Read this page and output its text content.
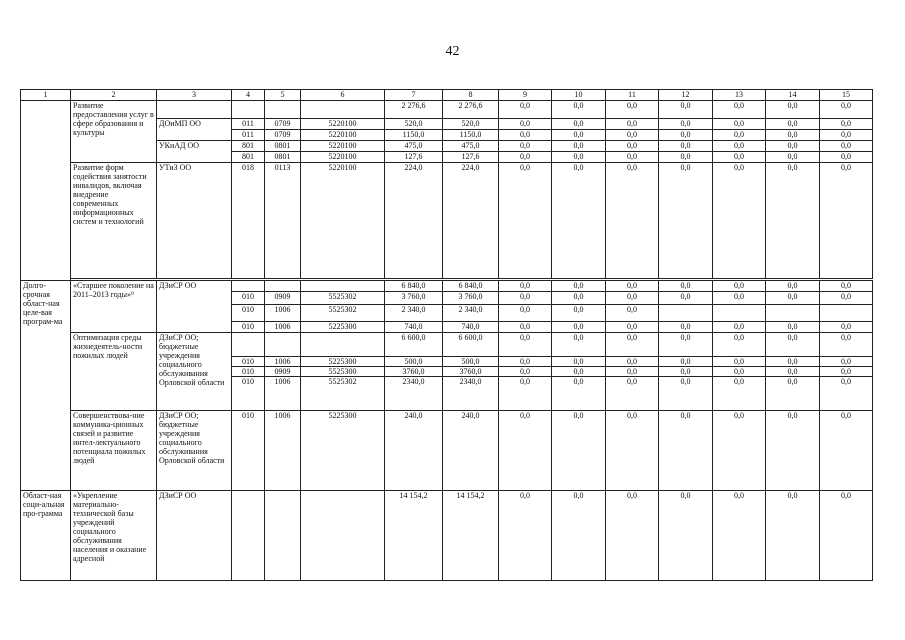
42
1	2	3	4	5	6	7	8	9	10	11	12	13	14	15
	Развитие предоставления услуг в сфере образования и культуры					2 276,6	2 276,6	0,0	0,0	0,0	0,0	0,0	0,0	0,0
		ДОиМП ОО	011	0709	5220100	520,0	520,0	0,0	0,0	0,0	0,0	0,0	0,0	0,0
			011	0709	5220100	1150,0	1150,0	0,0	0,0	0,0	0,0	0,0	0,0	0,0
		УКиАД ОО	801	0801	5220100	475,0	475,0	0,0	0,0	0,0	0,0	0,0	0,0	0,0
			801	0801	5220100	127,6	127,6	0,0	0,0	0,0	0,0	0,0	0,0	0,0
	Развитие форм содействия занятости инвалидов, включая внедрение современных информационных систем и технологий	УТиЗ ОО	018	0113	5220100	224,0	224,0	0,0	0,0	0,0	0,0	0,0	0,0	0,0

Долго-срочная област-ная целе-вая програм-ма	«Старшее поколение на 2011–2013 годы»⁹	ДЗиСР ОО				6 840,0	6 840,0	0,0	0,0	0,0	0,0	0,0	0,0	0,0
			010	0909	5525302	3 760,0	3 760,0	0,0	0,0	0,0	0,0	0,0	0,0	0,0
			010	1006	5525302	2 340,0	2 340,0	0,0	0,0	0,0				
			010	1006	5225300	740,0	740,0	0,0	0,0	0,0	0,0	0,0	0,0	0,0
	Оптимизация среды жизнедеятель-ности пожилых людей	ДЗиСР ОО; бюджетные учреждения социального обслуживания Орловской области				6 600,0	6 600,0	0,0	0,0	0,0	0,0	0,0	0,0	0,0
			010	1006	5225300	500,0	500,0	0,0	0,0	0,0	0,0	0,0	0,0	0,0
			010	0909	5525300	3760,0	3760,0	0,0	0,0	0,0	0,0	0,0	0,0	0,0
			010	1006	5525302	2340,0	2340,0	0,0	0,0	0,0	0,0	0,0	0,0	0,0
	Совершенствова-ние коммуника-ционных связей и развитие интел-лектуального потенциала пожилых людей	ДЗиСР ОО; бюджетные учреждения социального обслуживания Орловской области	010	1006	5225300	240,0	240,0	0,0	0,0	0,0	0,0	0,0	0,0	0,0
Област-ная соци-альная про-грамма	«Укрепление материально-технической базы учреждений социального обслуживания населения и оказание адресной	ДЗиСР ОО				14 154,2	14 154,2	0,0	0,0	0,0	0,0	0,0	0,0	0,0
